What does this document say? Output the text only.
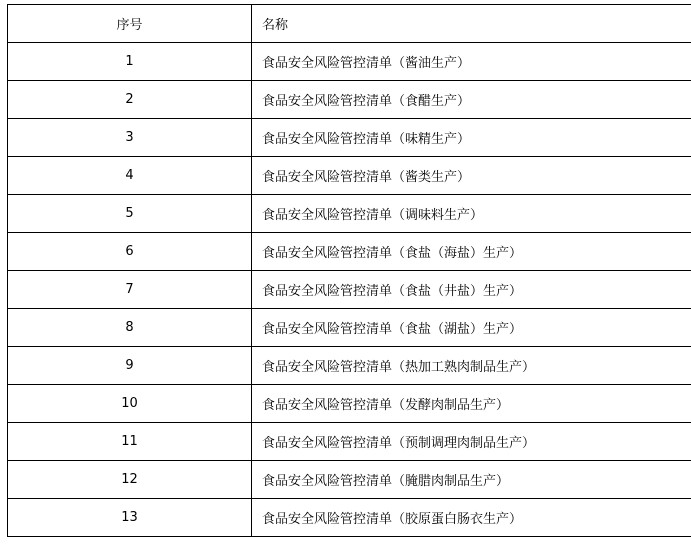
序号	名称
1	食品安全风险管控清单（酱油生产）
2	食品安全风险管控清单（食醋生产）
3	食品安全风险管控清单（味精生产）
4	食品安全风险管控清单（酱类生产）
5	食品安全风险管控清单（调味料生产）
6	食品安全风险管控清单（食盐（海盐）生产）
7	食品安全风险管控清单（食盐（井盐）生产）
8	食品安全风险管控清单（食盐（湖盐）生产）
9	食品安全风险管控清单（热加工熟肉制品生产）
10	食品安全风险管控清单（发酵肉制品生产）
11	食品安全风险管控清单（预制调理肉制品生产）
12	食品安全风险管控清单（腌腊肉制品生产）
13	食品安全风险管控清单（胶原蛋白肠衣生产）
